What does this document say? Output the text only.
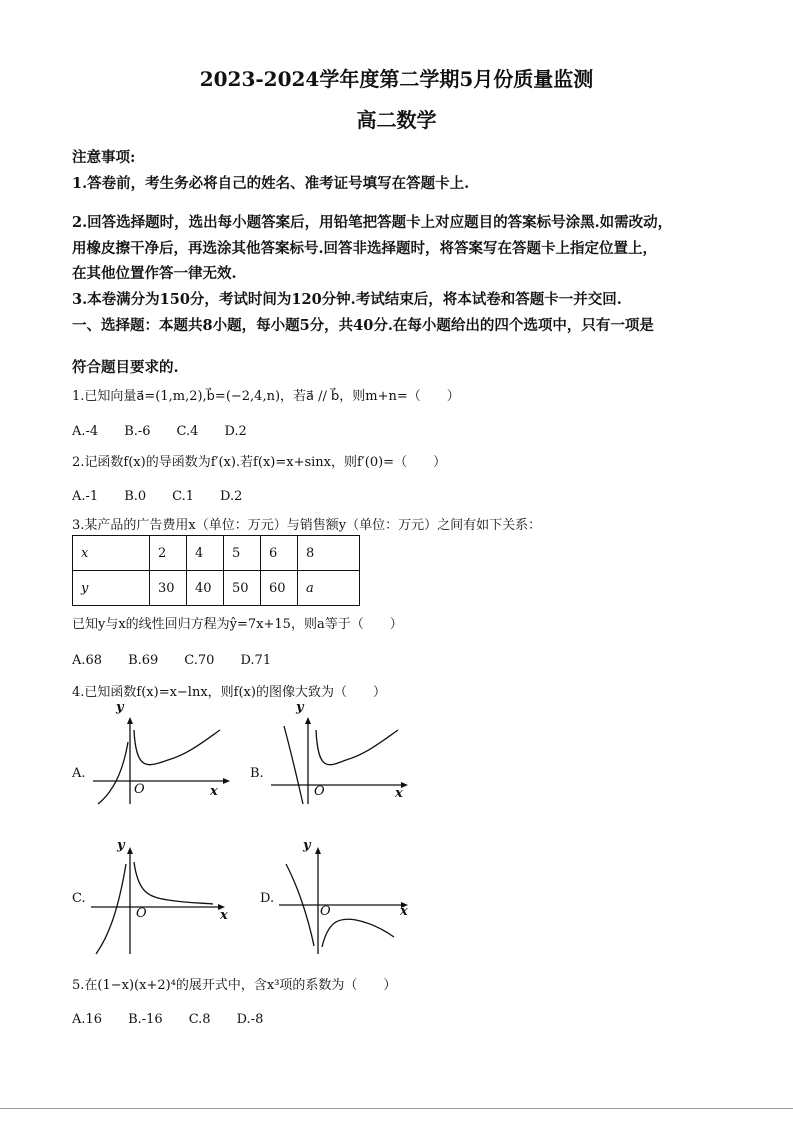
2023-2024学年度第二学期5月份质量监测
高二数学
注意事项:
1.答卷前，考生务必将自己的姓名、准考证号填写在答题卡上.
2.回答选择题时，选出每小题答案后，用铅笔把答题卡上对应题目的答案标号涂黑.如需改动，
用橡皮擦干净后，再选涂其他答案标号.回答非选择题时，将答案写在答题卡上指定位置上，
在其他位置作答一律无效.
3.本卷满分为150分，考试时间为120分钟.考试结束后，将本试卷和答题卡一并交回.
一、选择题：本题共8小题，每小题5分，共40分.在每小题给出的四个选项中，只有一项是
符合题目要求的.
1.已知向量a⃗=(1,m,2),b⃗=(−2,4,n)，若a⃗ // b⃗，则m+n=（　　）
A.-4 B.-6 C.4 D.2
2.记函数f(x)的导函数为f′(x).若f(x)=x+sinx，则f′(0)=（　　）
A.-1 B.0 C.1 D.2
3.某产品的广告费用x（单位：万元）与销售额y（单位：万元）之间有如下关系：
x	2	4	5	6	8
y	30	40	50	60	a
已知y与x的线性回归方程为ŷ=7x+15，则a等于（　　）
A.68 B.69 C.70 D.71
4.已知函数f(x)=x−lnx，则f(x)的图像大致为（　　）
A.
y
O	x
B.
y
O	x
C.
y
O	x
D.
y
O	x
5.在(1−x)(x+2)⁴的展开式中，含x³项的系数为（　　）
A.16 B.-16 C.8 D.-8
